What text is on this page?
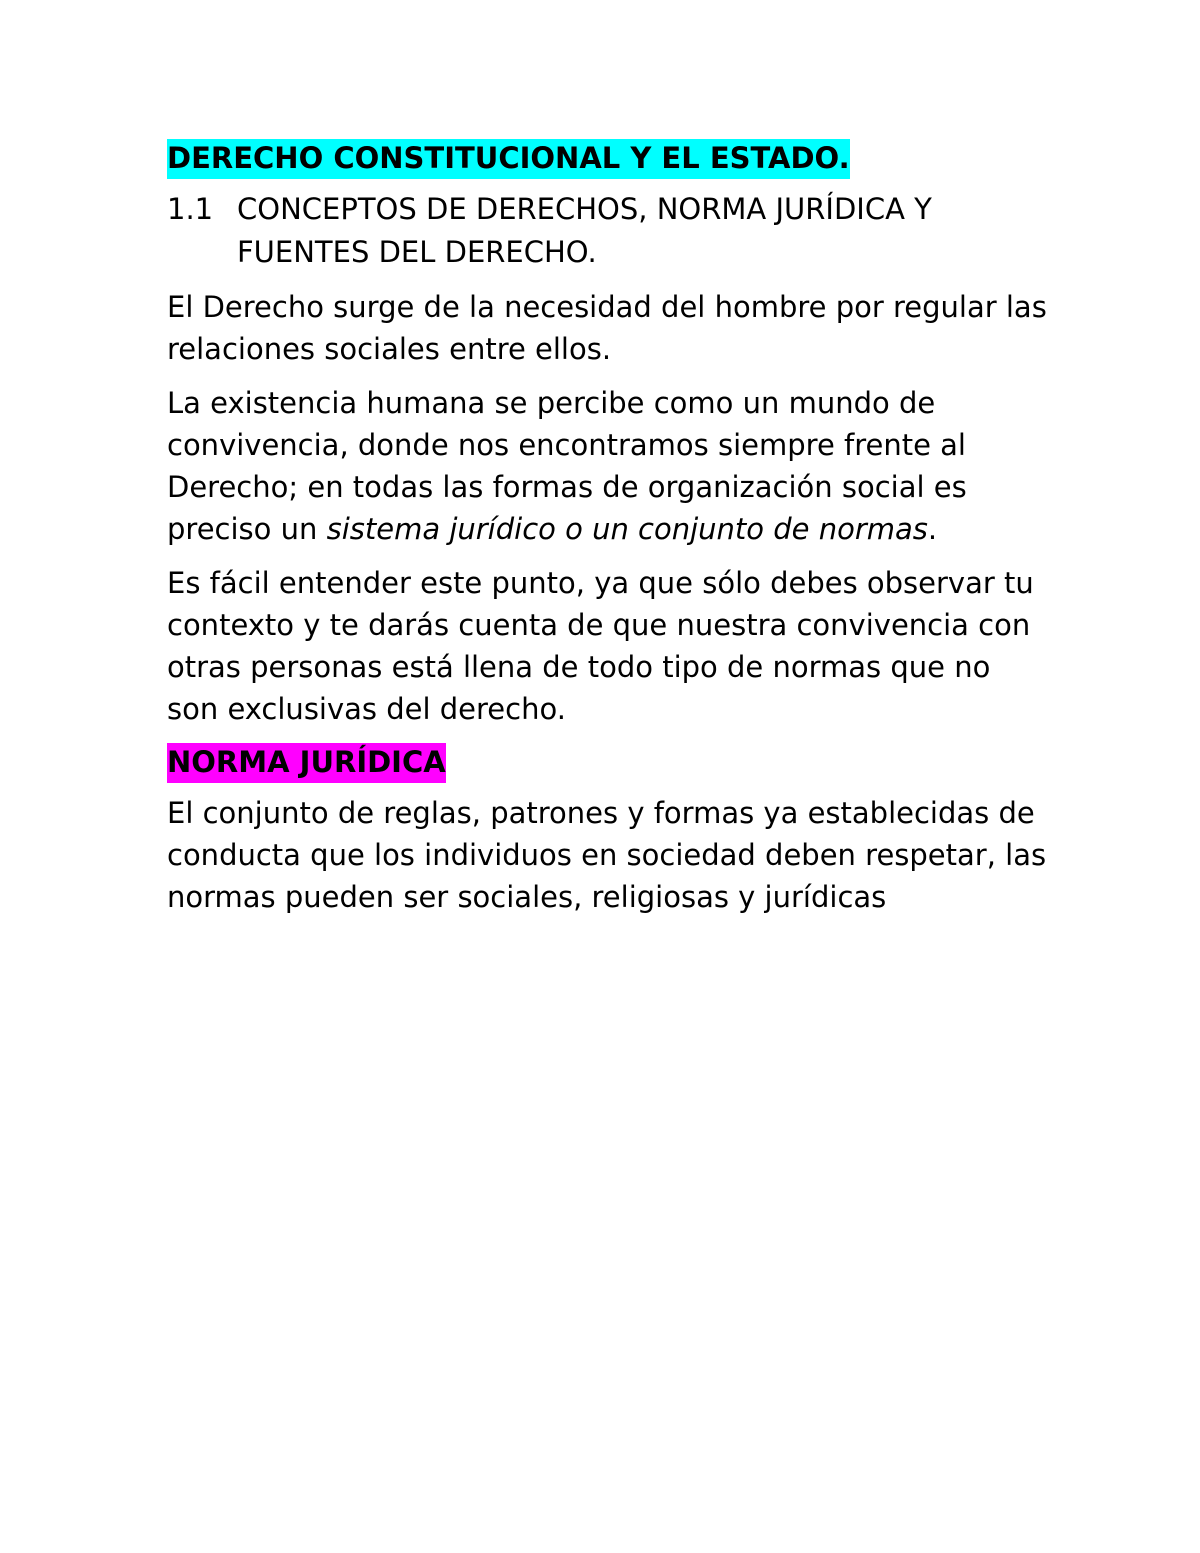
DERECHO CONSTITUCIONAL Y EL ESTADO.
1.1 CONCEPTOS DE DERECHOS, NORMA JURÍDICA Y FUENTES DEL DERECHO.

El Derecho surge de la necesidad del hombre por regular las relaciones sociales entre ellos.

La existencia humana se percibe como un mundo de convivencia, donde nos encontramos siempre frente al Derecho; en todas las formas de organización social es preciso un sistema jurídico o un conjunto de normas.

Es fácil entender este punto, ya que sólo debes observar tu contexto y te darás cuenta de que nuestra convivencia con otras personas está llena de todo tipo de normas que no son exclusivas del derecho.

NORMA JURÍDICA

El conjunto de reglas, patrones y formas ya establecidas de conducta que los individuos en sociedad deben respetar, las normas pueden ser sociales, religiosas y jurídicas
